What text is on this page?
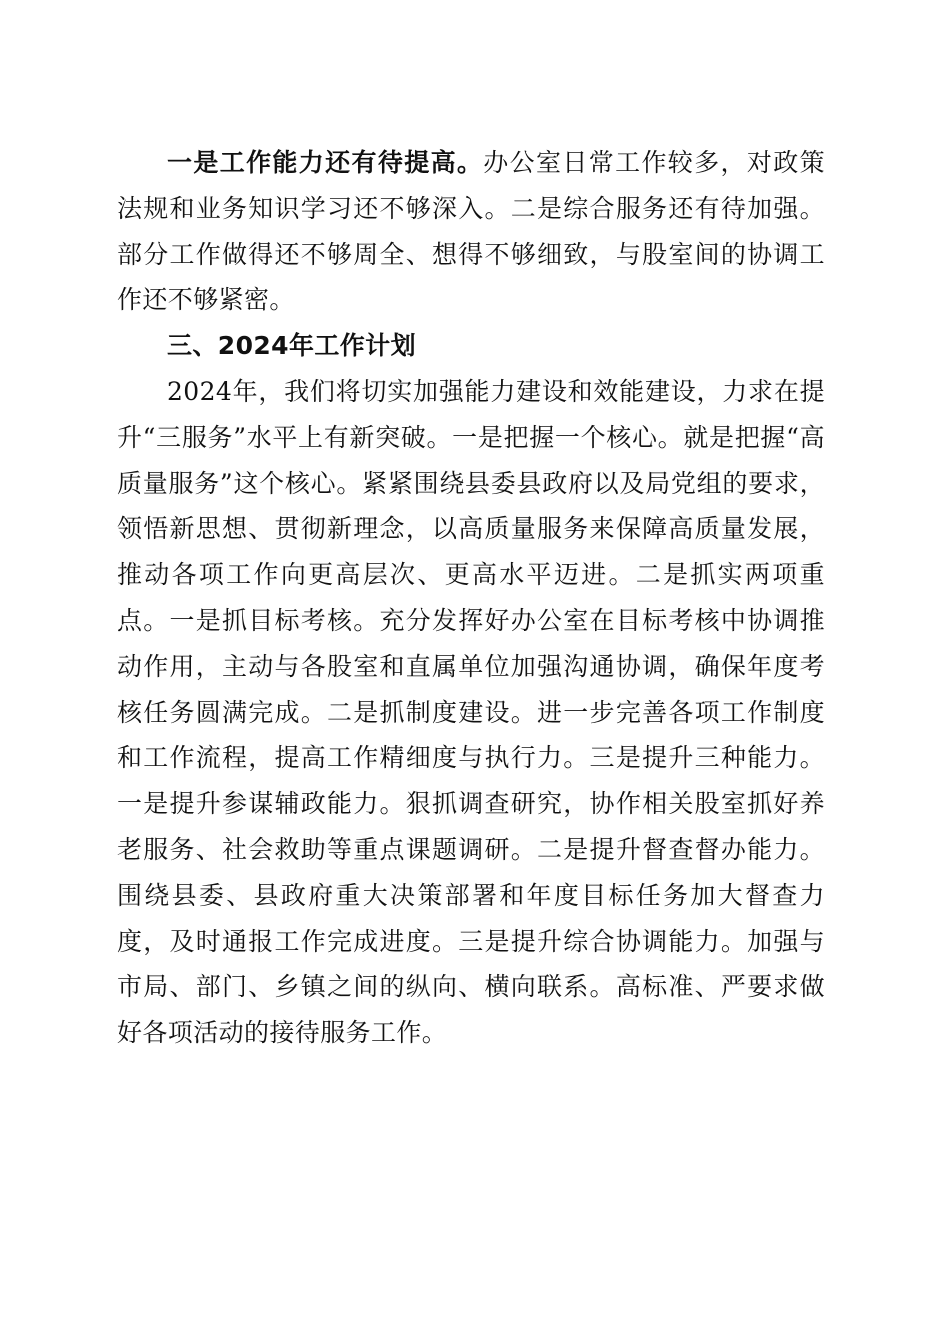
一是工作能力还有待提高。办公室日常工作较多，对政策法规和业务知识学习还不够深入。二是综合服务还有待加强。部分工作做得还不够周全、想得不够细致，与股室间的协调工作还不够紧密。

三、2024年工作计划

2024年，我们将切实加强能力建设和效能建设，力求在提升“三服务”水平上有新突破。一是把握一个核心。就是把握“高质量服务”这个核心。紧紧围绕县委县政府以及局党组的要求，领悟新思想、贯彻新理念，以高质量服务来保障高质量发展，推动各项工作向更高层次、更高水平迈进。二是抓实两项重点。一是抓目标考核。充分发挥好办公室在目标考核中协调推动作用，主动与各股室和直属单位加强沟通协调，确保年度考核任务圆满完成。二是抓制度建设。进一步完善各项工作制度和工作流程，提高工作精细度与执行力。三是提升三种能力。一是提升参谋辅政能力。狠抓调查研究，协作相关股室抓好养老服务、社会救助等重点课题调研。二是提升督查督办能力。围绕县委、县政府重大决策部署和年度目标任务加大督查力度，及时通报工作完成进度。三是提升综合协调能力。加强与市局、部门、乡镇之间的纵向、横向联系。高标准、严要求做好各项活动的接待服务工作。
